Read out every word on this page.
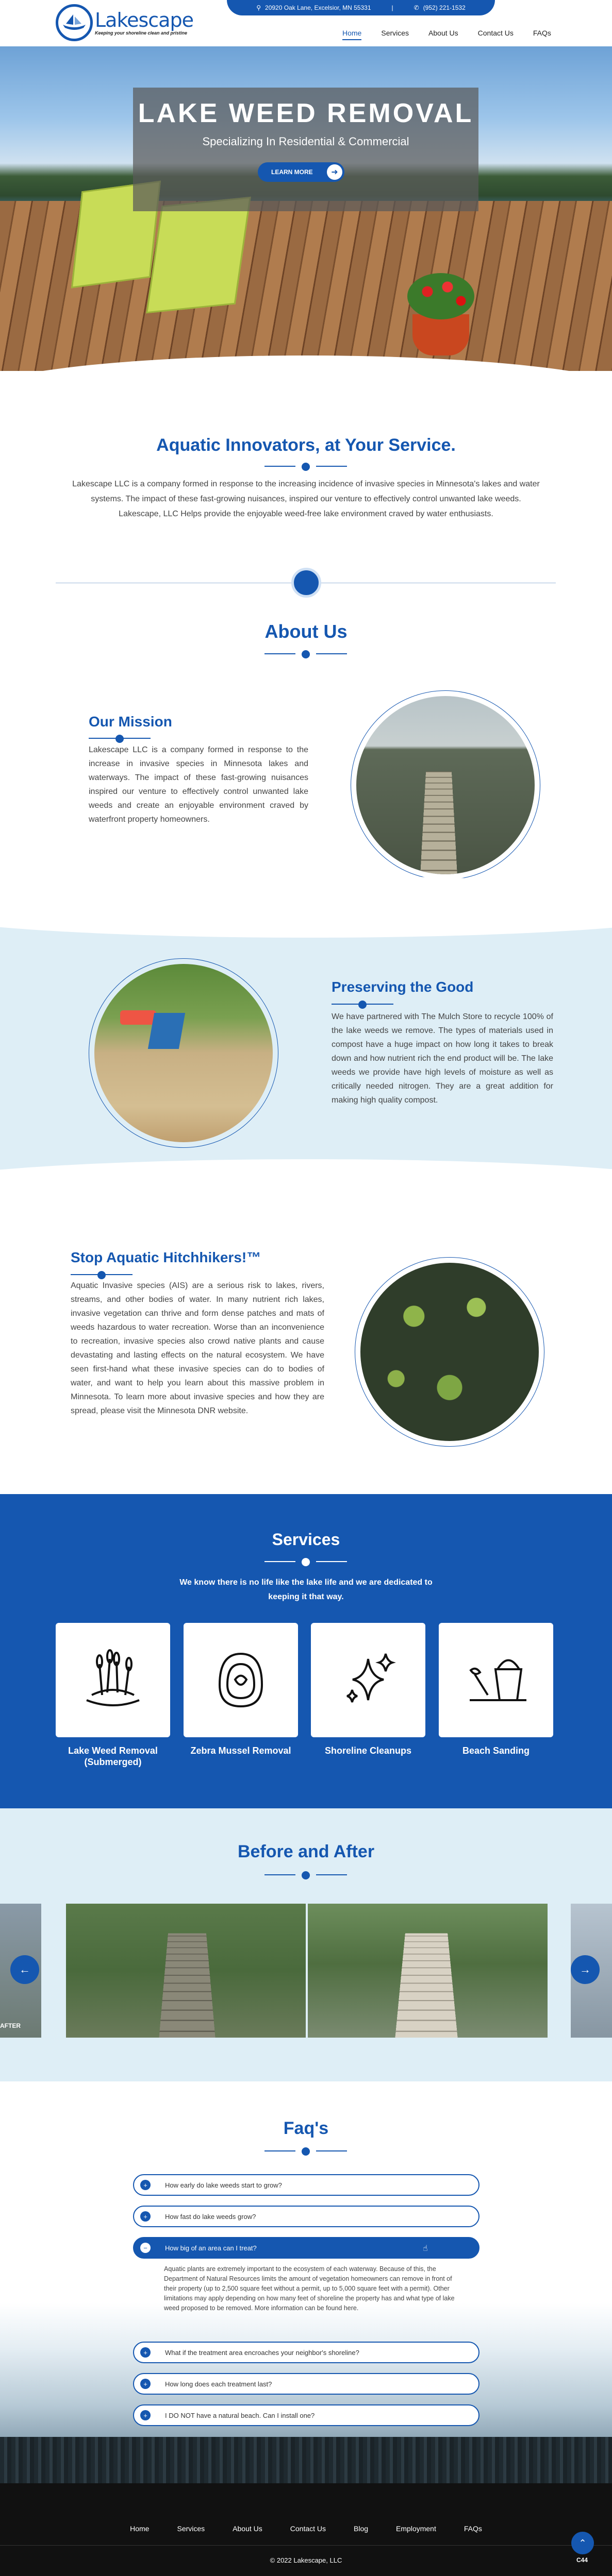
⚲ 20920 Oak Lane, Excelsior, MN 55331	|	✆ (952) 221-1532
Lakescape
Keeping your shoreline clean and pristine	Home	Services	About Us	Contact Us	FAQs
LAKE WEED REMOVAL
Specializing In Residential & Commercial
LEARN MORE	➜
Aquatic Innovators, at Your Service.
Lakescape LLC is a company formed in response to the increasing incidence of invasive species in Minnesota's lakes and water systems. The impact of these fast-growing nuisances, inspired our venture to effectively control unwanted lake weeds. Lakescape, LLC Helps provide the enjoyable weed-free lake environment craved by water enthusiasts.
About Us
Our Mission
Lakescape LLC is a company formed in response to the increase in invasive species in Minnesota lakes and waterways. The impact of these fast-growing nuisances inspired our venture to effectively control unwanted lake weeds and create an enjoyable environment craved by waterfront property homeowners.
Preserving the Good
We have partnered with The Mulch Store to recycle 100% of the lake weeds we remove. The types of materials used in compost have a huge impact on how long it takes to break down and how nutrient rich the end product will be. The lake weeds we provide have high levels of moisture as well as critically needed nitrogen. They are a great addition for making high quality compost.
Stop Aquatic Hitchhikers!™
Aquatic Invasive species (AIS) are a serious risk to lakes, rivers, streams, and other bodies of water. In many nutrient rich lakes, invasive vegetation can thrive and form dense patches and mats of weeds hazardous to water recreation. Worse than an inconvenience to recreation, invasive species also crowd native plants and cause devastating and lasting effects on the natural ecosystem. We have seen first-hand what these invasive species can do to bodies of water, and want to help you learn about this massive problem in Minnesota. To learn more about invasive species and how they are spread, please visit the Minnesota DNR website.
Services
We know there is no life like the lake life and we are dedicated to keeping it that way.
Lake Weed Removal (Submerged)
Zebra Mussel Removal	Shoreline Cleanups	Beach Sanding
Before and After
AFTER
←	→
Faq's
+	How early do lake weeds start to grow?
+	How fast do lake weeds grow?
−	How big of an area can I treat?	☝
Aquatic plants are extremely important to the ecosystem of each waterway. Because of this, the Department of Natural Resources limits the amount of vegetation homeowners can remove in front of their property (up to 2,500 square feet without a permit, up to 5,000 square feet with a permit). Other limitations may apply depending on how many feet of shoreline the property has and what type of lake weed proposed to be removed. More information can be found here.
+	What if the treatment area encroaches your neighbor's shoreline?
+	How long does each treatment last?
+	I DO NOT have a natural beach. Can I install one?
Home	Services	About Us	Contact Us	Blog	Employment	FAQs
© 2022 Lakescape, LLC
⌃
C44
